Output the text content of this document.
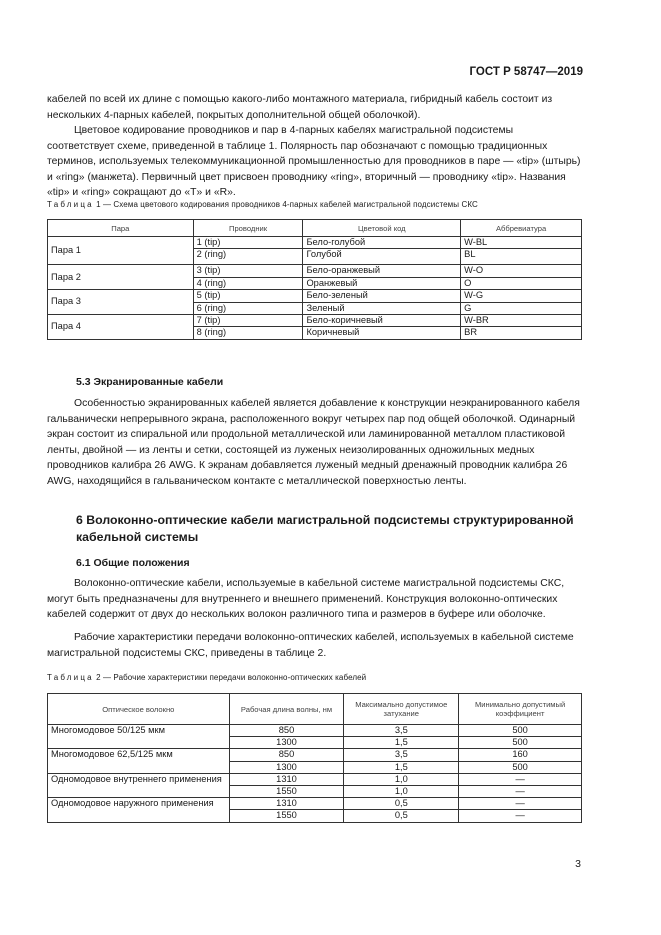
ГОСТ Р 58747—2019

кабелей по всей их длине с помощью какого-либо монтажного материала, гибридный кабель состоит из нескольких 4-парных кабелей, покрытых дополнительной общей оболочкой).

Цветовое кодирование проводников и пар в 4-парных кабелях магистральной подсистемы соответствует схеме, приведенной в таблице 1. Полярность пар обозначают с помощью традиционных терминов, используемых телекоммуникационной промышленностью для проводников в паре — «tip» (штырь) и «ring» (манжета). Первичный цвет присвоен проводнику «ring», вторичный — проводнику «tip». Названия «tip» и «ring» сокращают до «T» и «R».

Таблица 1 — Схема цветового кодирования проводников 4-парных кабелей магистральной подсистемы СКС
Пара	Проводник	Цветовой код	Аббревиатура
Пара 1	1 (tip)	Бело-голубой	W-BL
	2 (ring)	Голубой	BL
Пара 2	3 (tip)	Бело-оранжевый	W-O
	4 (ring)	Оранжевый	O
Пара 3	5 (tip)	Бело-зеленый	W-G
	6 (ring)	Зеленый	G
Пара 4	7 (tip)	Бело-коричневый	W-BR
	8 (ring)	Коричневый	BR
5.3 Экранированные кабели

Особенностью экранированных кабелей является добавление к конструкции неэкранированного кабеля гальванически непрерывного экрана, расположенного вокруг четырех пар под общей оболочкой. Одинарный экран состоит из спиральной или продольной металлической или ламинированной металлом пластиковой ленты, двойной — из ленты и сетки, состоящей из луженых неизолированных одножильных медных проводников калибра 26 AWG. К экранам добавляется луженый медный дренажный проводник калибра 26 AWG, находящийся в гальваническом контакте с металлической поверхностью ленты.

6 Волоконно-оптические кабели магистральной подсистемы структурированной кабельной системы
6.1 Общие положения

Волоконно-оптические кабели, используемые в кабельной системе магистральной подсистемы СКС, могут быть предназначены для внутреннего и внешнего применений. Конструкция волоконно-оптических кабелей содержит от двух до нескольких волокон различного типа и размеров в буфере или оболочке.

Рабочие характеристики передачи волоконно-оптических кабелей, используемых в кабельной системе магистральной подсистемы СКС, приведены в таблице 2.

Таблица 2 — Рабочие характеристики передачи волоконно-оптических кабелей
Оптическое волокно	Рабочая длина волны, нм	Максимально допустимое затухание	Минимально допустимый коэффициент
Многомодовое 50/125 мкм	850	3,5	500
	1300	1,5	500
Многомодовое 62,5/125 мкм	850	3,5	160
	1300	1,5	500
Одномодовое внутреннего применения	1310	1,0	—
	1550	1,0	—
Одномодовое наружного применения	1310	0,5	—
	1550	0,5	—
3
